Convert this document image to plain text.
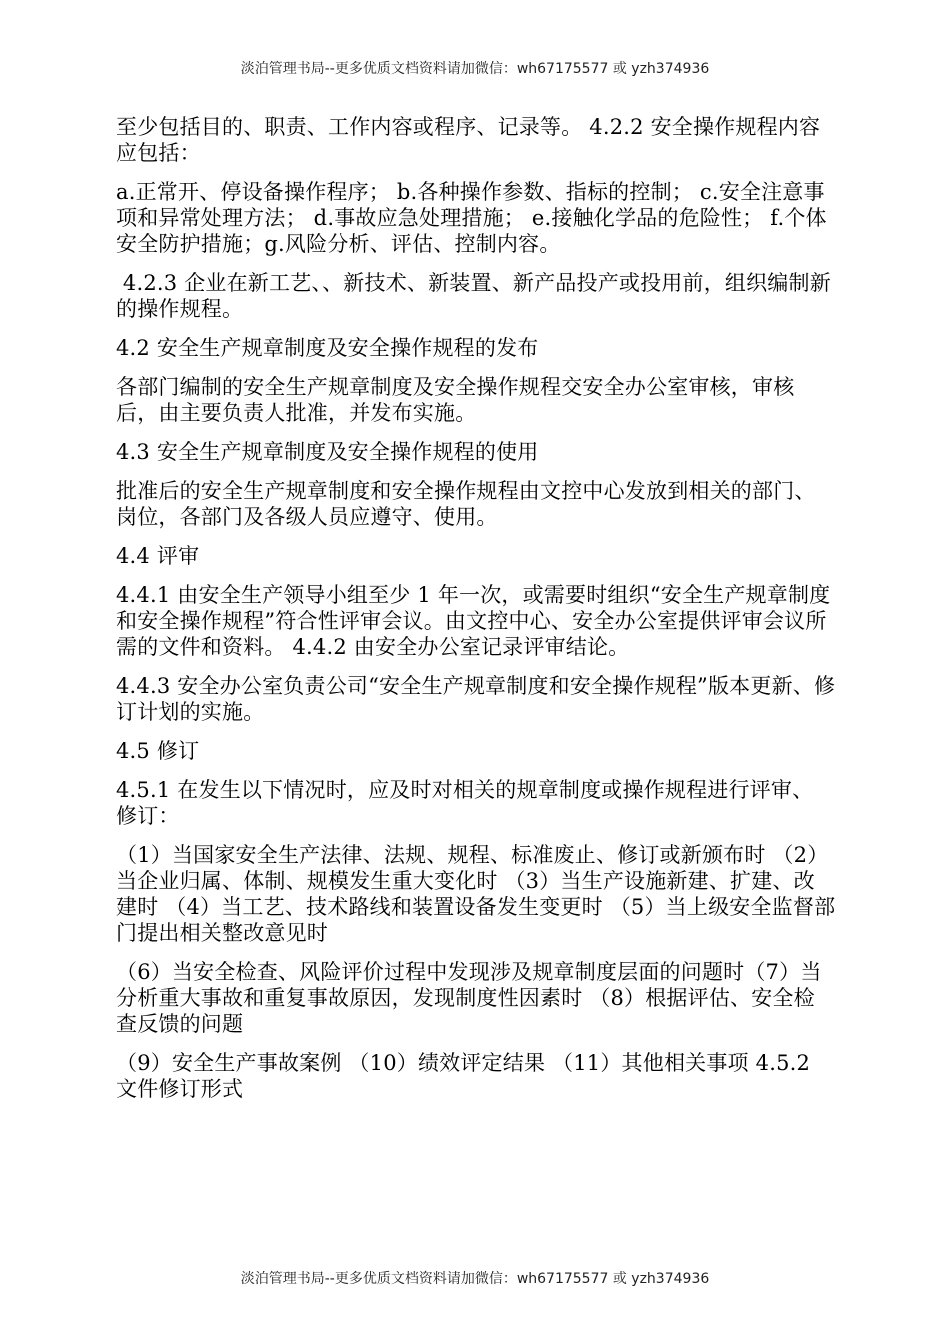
淡泊管理书局--更多优质文档资料请加微信：wh67175577 或 yzh374936

至少包括目的、职责、工作内容或程序、记录等。 4.2.2 安全操作规程内容应包括：

a.正常开、停设备操作程序； b.各种操作参数、指标的控制； c.安全注意事项和异常处理方法； d.事故应急处理措施； e.接触化学品的危险性； f.个体安全防护措施；g.风险分析、评估、控制内容。

4.2.3 企业在新工艺、、新技术、新装置、新产品投产或投用前，组织编制新的操作规程。

4.2 安全生产规章制度及安全操作规程的发布

各部门编制的安全生产规章制度及安全操作规程交安全办公室审核，审核后，由主要负责人批准，并发布实施。

4.3 安全生产规章制度及安全操作规程的使用

批准后的安全生产规章制度和安全操作规程由文控中心发放到相关的部门、岗位，各部门及各级人员应遵守、使用。

4.4 评审

4.4.1 由安全生产领导小组至少 1 年一次，或需要时组织“安全生产规章制度和安全操作规程”符合性评审会议。由文控中心、安全办公室提供评审会议所需的文件和资料。 4.4.2 由安全办公室记录评审结论。

4.4.3 安全办公室负责公司“安全生产规章制度和安全操作规程”版本更新、修订计划的实施。

4.5 修订

4.5.1 在发生以下情况时，应及时对相关的规章制度或操作规程进行评审、 修订：

（1）当国家安全生产法律、法规、规程、标准废止、修订或新颁布时 （2）当企业归属、体制、规模发生重大变化时 （3）当生产设施新建、扩建、改建时 （4）当工艺、技术路线和装置设备发生变更时 （5）当上级安全监督部门提出相关整改意见时

（6）当安全检查、风险评价过程中发现涉及规章制度层面的问题时（7）当分析重大事故和重复事故原因，发现制度性因素时 （8）根据评估、安全检查反馈的问题

（9）安全生产事故案例 （10）绩效评定结果 （11）其他相关事项 4.5.2 文件修订形式

淡泊管理书局--更多优质文档资料请加微信：wh67175577 或 yzh374936
